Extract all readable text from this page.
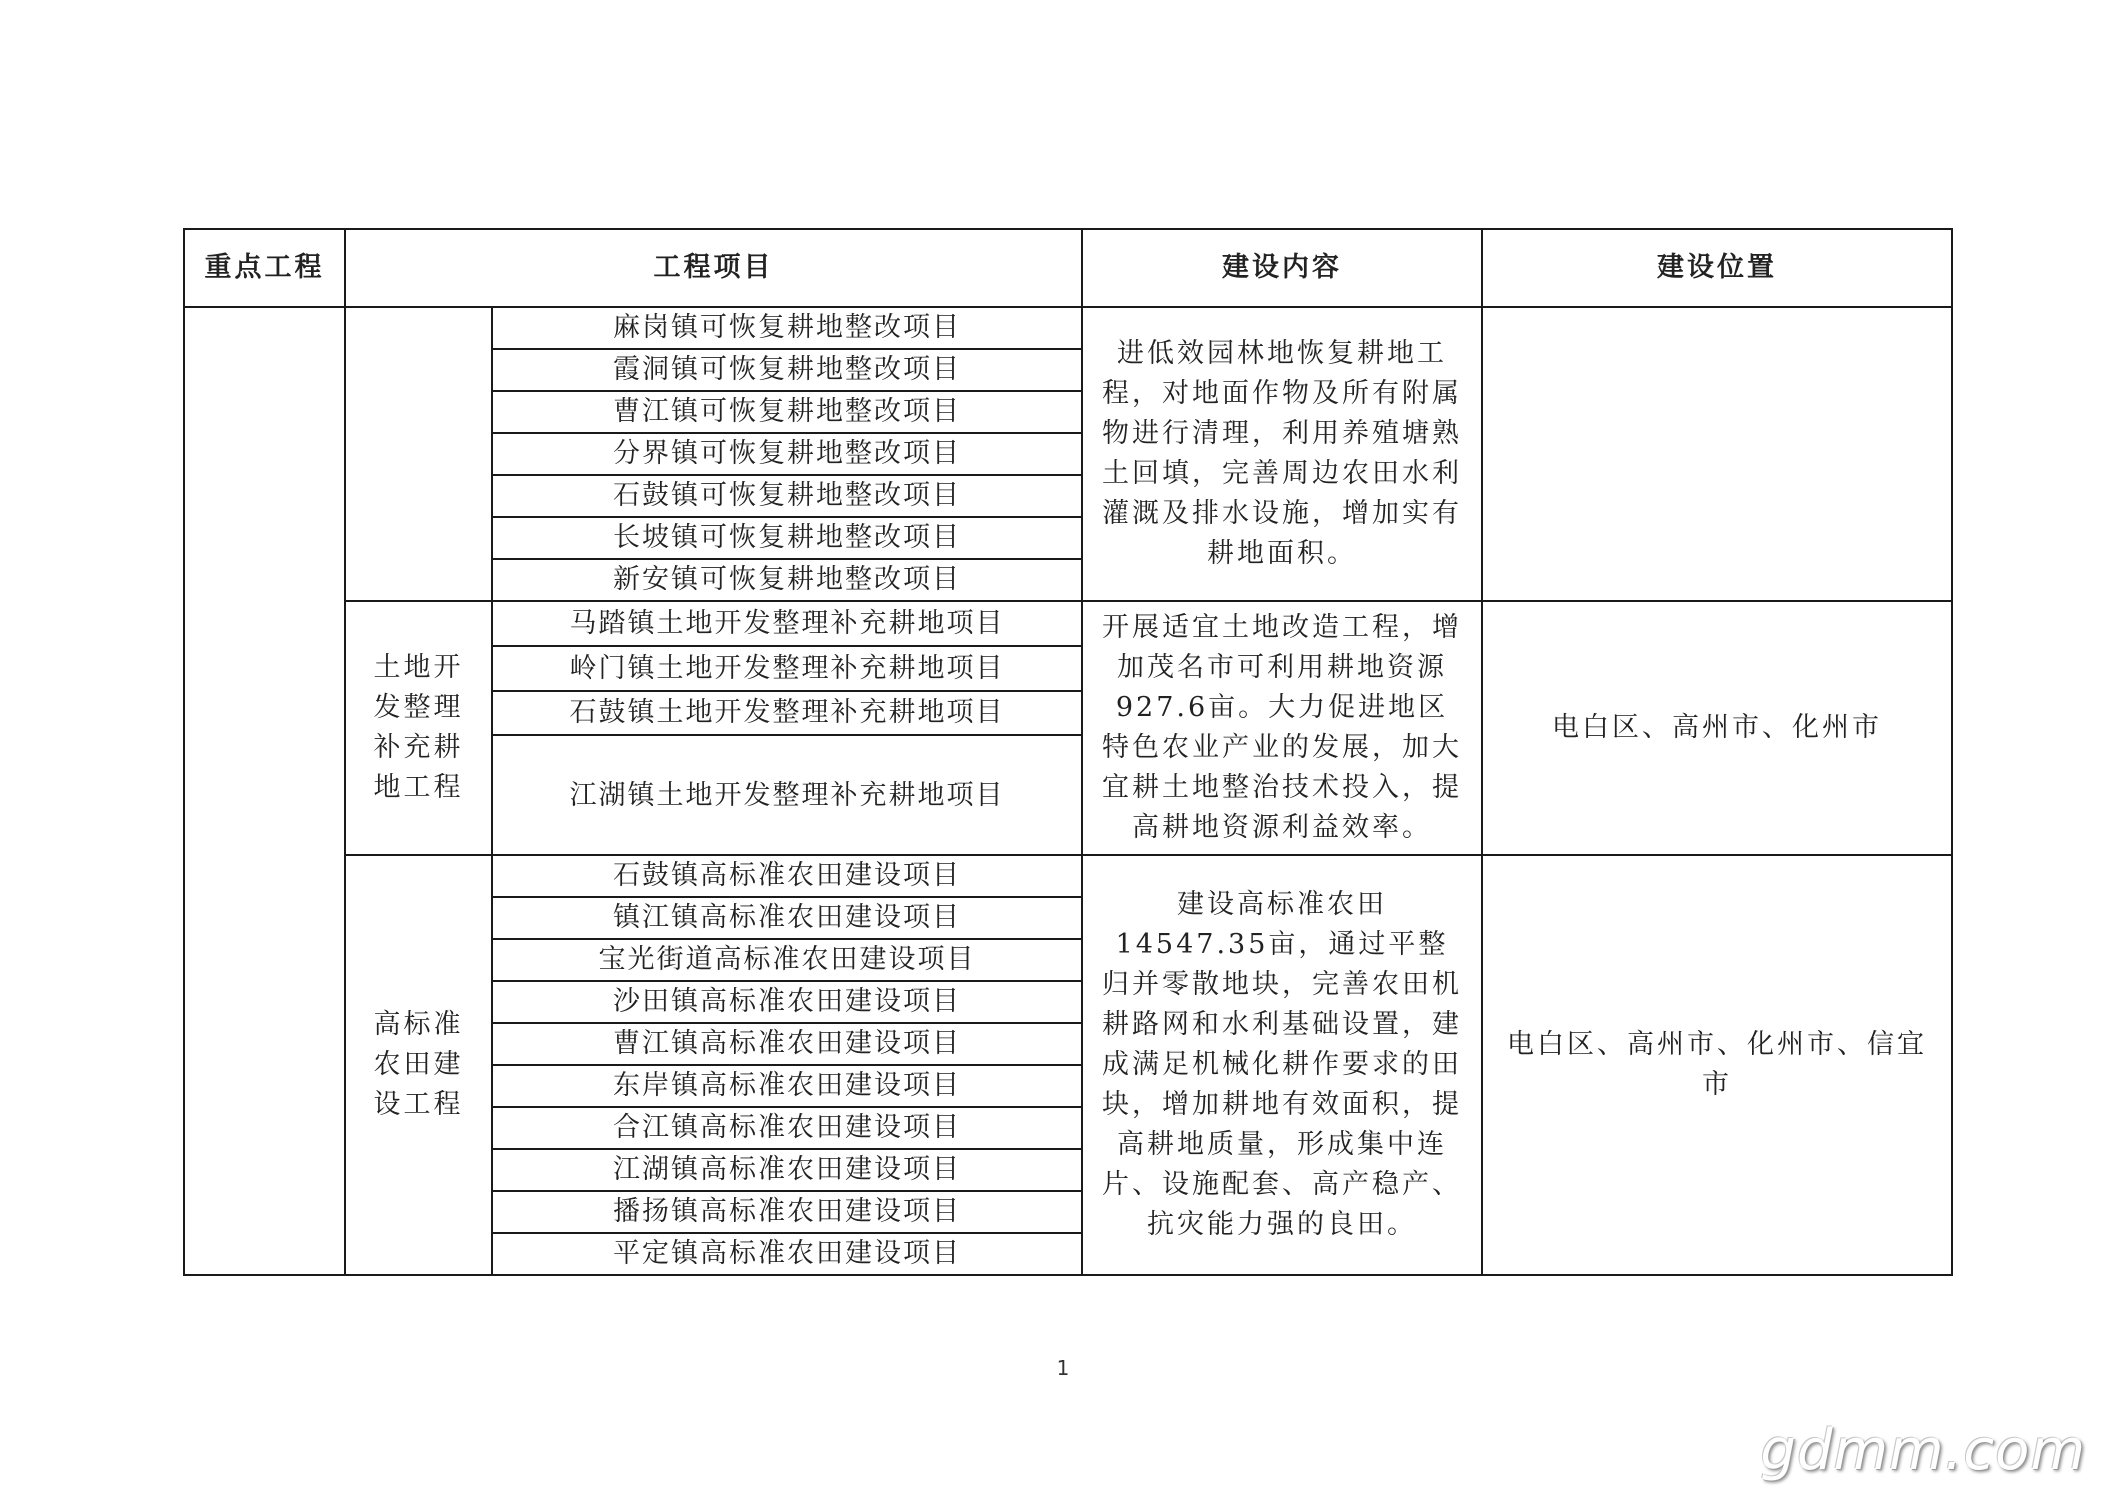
重点工程	工程项目		建设内容	建设位置
		麻岗镇可恢复耕地整改项目	进低效园林地恢复耕地工程，对地面作物及所有附属物进行清理，利用养殖塘熟土回填，完善周边农田水利灌溉及排水设施，增加实有耕地面积。	
		霞洞镇可恢复耕地整改项目		
		曹江镇可恢复耕地整改项目		
		分界镇可恢复耕地整改项目		
		石鼓镇可恢复耕地整改项目		
		长坡镇可恢复耕地整改项目		
		新安镇可恢复耕地整改项目		
	土地开发整理补充耕地工程	马踏镇土地开发整理补充耕地项目	开展适宜土地改造工程，增加茂名市可利用耕地资源927.6亩。大力促进地区特色农业产业的发展，加大宜耕土地整治技术投入，提高耕地资源利益效率。	电白区、高州市、化州市
		岭门镇土地开发整理补充耕地项目		
		石鼓镇土地开发整理补充耕地项目		
		江湖镇土地开发整理补充耕地项目		
	高标准农田建设工程	石鼓镇高标准农田建设项目	建设高标准农田14547.35亩，通过平整归并零散地块，完善农田机耕路网和水利基础设置，建成满足机械化耕作要求的田块，增加耕地有效面积，提高耕地质量，形成集中连片、设施配套、高产稳产、抗灾能力强的良田。	电白区、高州市、化州市、信宜市
		镇江镇高标准农田建设项目		
		宝光街道高标准农田建设项目		
		沙田镇高标准农田建设项目		
		曹江镇高标准农田建设项目		
		东岸镇高标准农田建设项目		
		合江镇高标准农田建设项目		
		江湖镇高标准农田建设项目		
		播扬镇高标准农田建设项目		
		平定镇高标准农田建设项目		
1
gdmm.com
